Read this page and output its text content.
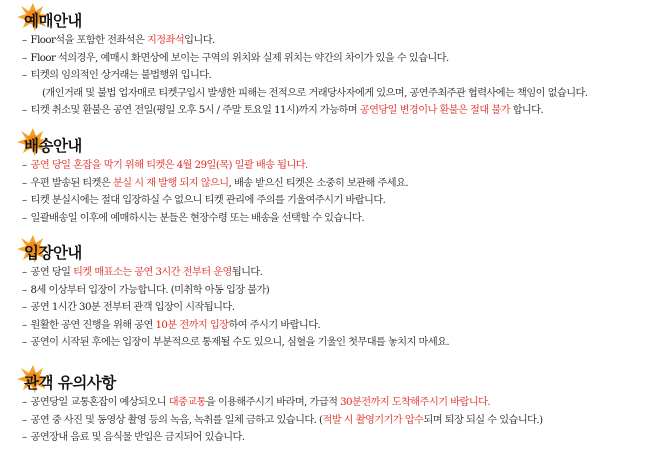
예매안내
– Floor석을 포함한 전좌석은 지정좌석입니다.
– Floor 석의경우, 예매시 화면상에 보이는 구역의 위치와 실제 위치는 약간의 차이가 있을 수 있습니다.
– 티켓의 임의적인 상거래는 불법행위 입니다.
(개인거래 및 불법 업자매로 티켓구입시 발생한 피해는 전적으로 거래당사자에게 있으며, 공연주최주관 협력사에는 책임이 없습니다.
– 티켓 취소및 환불은 공연 전일(평일 오후 5시 / 주말 토요일 11시)까지 가능하며 공연당일 변경이나 환불은 절대 불가 합니다.
배송안내
– 공연 당일 혼잡을 막기 위해 티켓은 4월 29일(목) 일괄 배송 됩니다.
– 우편 발송된 티켓은 분실 시 재 발행 되지 않으니, 배송 받으신 티켓은 소중히 보관해 주세요.
– 티켓 분실시에는 절대 입장하실 수 없으니 티켓 관리에 주의를 기울여주시기 바랍니다.
– 일괄배송일 이후에 예매하시는 분들은 현장수령 또는 배송을 선택할 수 있습니다.
입장안내
– 공연 당일 티켓 매표소는 공연 3시간 전부터 운영됩니다.
– 8세 이상부터 입장이 가능합니다. (미취학 아동 입장 불가)
– 공연 1시간 30분 전부터 관객 입장이 시작됩니다.
– 원활한 공연 진행을 위해 공연 10분 전까지 입장하여 주시기 바랍니다.
– 공연이 시작된 후에는 입장이 부분적으로 통제될 수도 있으니, 심혈을 기울인 첫무대를 놓치지 마세요.
관객 유의사항
– 공연당일 교통혼잡이 예상되오니 대중교통을 이용해주시기 바라며, 가급적 30분전까지 도착해주시기 바랍니다.
– 공연 중 사진 및 동영상 촬영 등의 녹음, 녹취를 일체 금하고 있습니다. (적발 시 촬영기기가 압수되며 퇴장 되실 수 있습니다.)
– 공연장내 음료 및 음식물 반입은 금지되어 있습니다.
